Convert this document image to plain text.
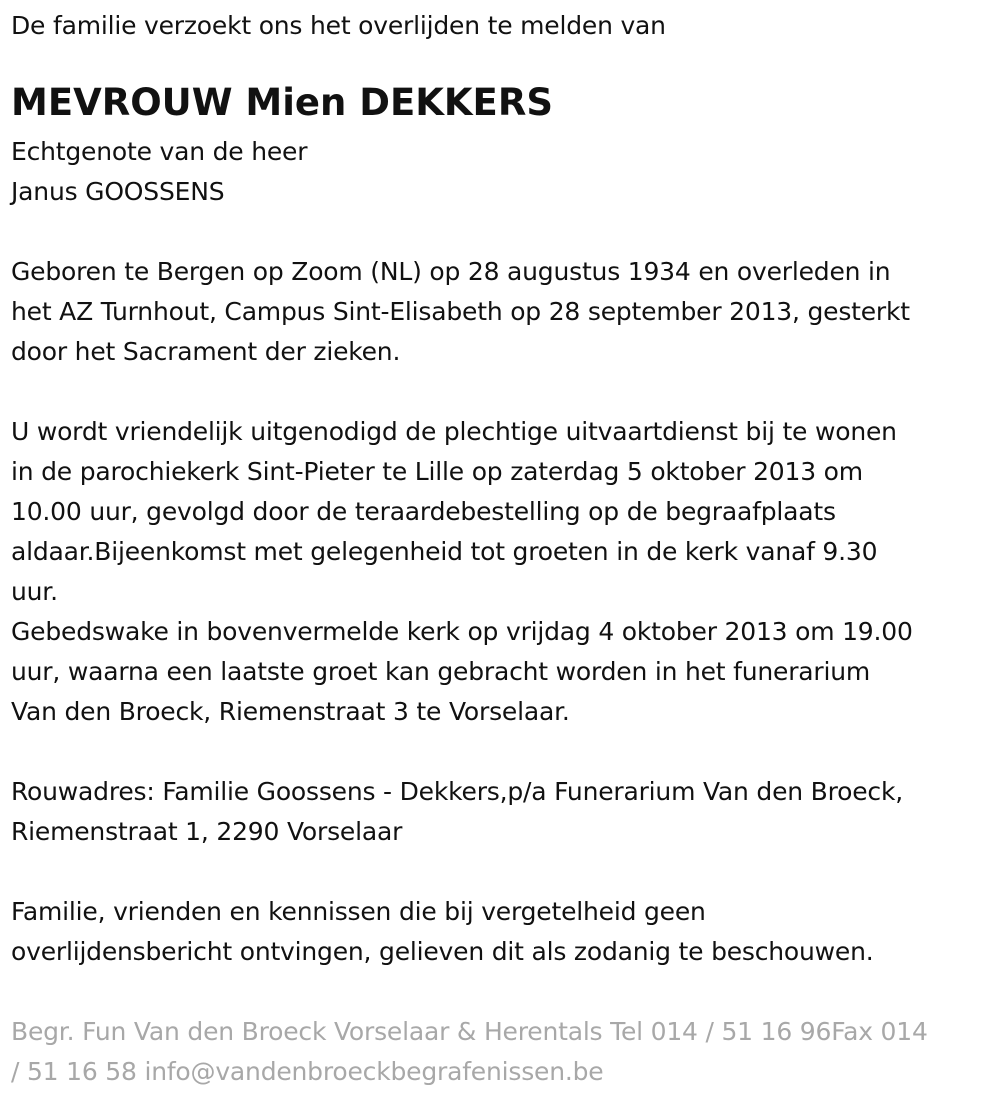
De familie verzoekt ons het overlijden te melden van
MEVROUW Mien DEKKERS
Echtgenote van de heer
Janus GOOSSENS
Geboren te Bergen op Zoom (NL) op 28 augustus 1934 en overleden in
het AZ Turnhout, Campus Sint-Elisabeth op 28 september 2013, gesterkt
door het Sacrament der zieken.
U wordt vriendelijk uitgenodigd de plechtige uitvaartdienst bij te wonen
in de parochiekerk Sint-Pieter te Lille op zaterdag 5 oktober 2013 om
10.00 uur, gevolgd door de teraardebestelling op de begraafplaats
aldaar.Bijeenkomst met gelegenheid tot groeten in de kerk vanaf 9.30
uur.
Gebedswake in bovenvermelde kerk op vrijdag 4 oktober 2013 om 19.00
uur, waarna een laatste groet kan gebracht worden in het funerarium
Van den Broeck, Riemenstraat 3 te Vorselaar.
Rouwadres: Familie Goossens - Dekkers,p/a Funerarium Van den Broeck,
Riemenstraat 1, 2290 Vorselaar
Familie, vrienden en kennissen die bij vergetelheid geen
overlijdensbericht ontvingen, gelieven dit als zodanig te beschouwen.
Begr. Fun Van den Broeck Vorselaar & Herentals Tel 014 / 51 16 96Fax 014
/ 51 16 58 info@vandenbroeckbegrafenissen.be
